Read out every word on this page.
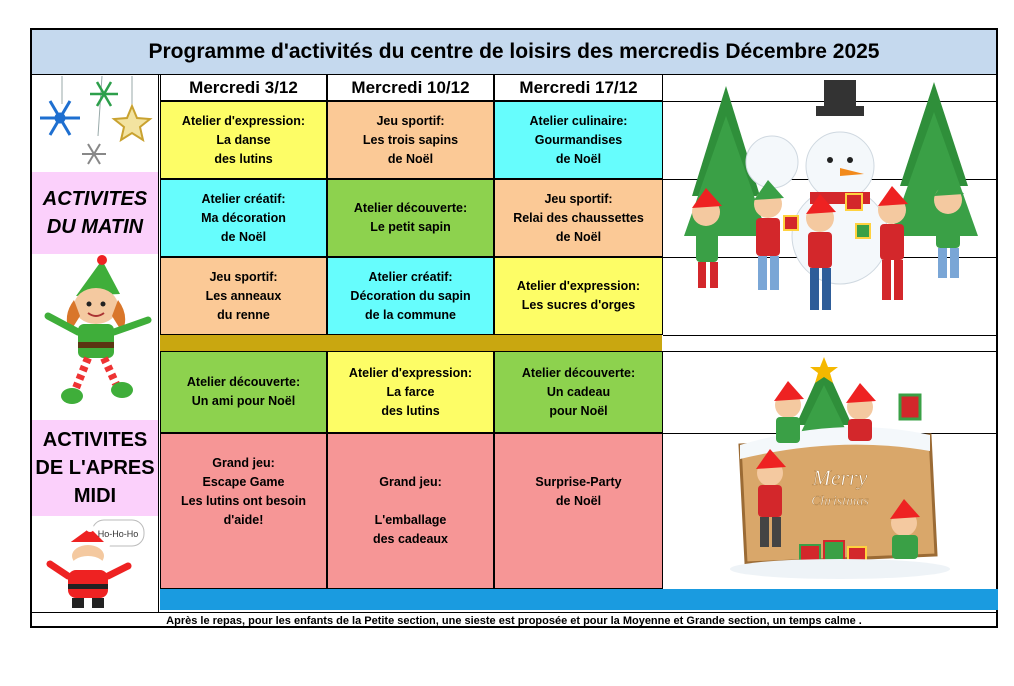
Programme d'activités du centre de loisirs des mercredis Décembre 2025
Mercredi 3/12	Mercredi 10/12	Mercredi 17/12
Atelier d'expression:
La danse
des lutins
Jeu sportif:
Les trois sapins
de Noël
Atelier culinaire:
Gourmandises
de Noël
Atelier créatif:
Ma décoration
de Noël
Atelier découverte:
Le petit sapin
Jeu sportif:
Relai des chaussettes
de Noël
Jeu sportif:
Les anneaux
du renne
Atelier créatif:
Décoration du sapin
de la commune
Atelier d'expression:
Les sucres d'orges
Atelier découverte:
Un ami pour Noël
Atelier d'expression:
La farce
des lutins
Atelier découverte:
Un cadeau
pour Noël
Grand jeu:
Escape Game
Les lutins ont besoin
d'aide!
Grand jeu:

L'emballage
des cadeaux
Surprise-Party
de Noël
ACTIVITES
DU MATIN
ACTIVITES
DE L'APRES
MIDI
Ho-Ho-Ho
Merry
Christmas
Après le repas, pour les enfants de la Petite section, une sieste est proposée et pour la Moyenne et Grande section, un temps calme .
